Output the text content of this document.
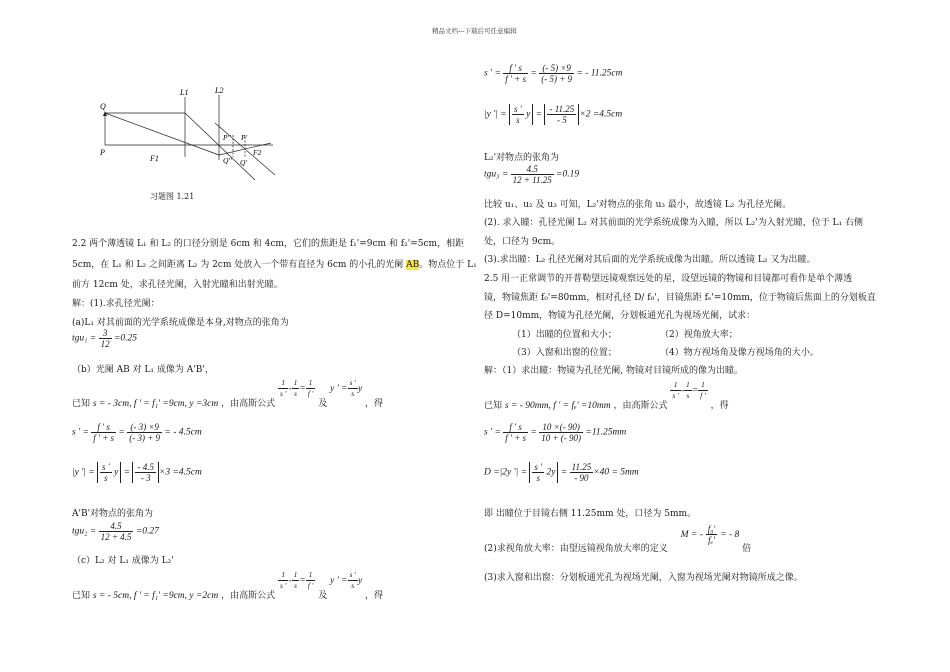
精品文档---下载后可任意编辑
Q
P
L1	L2
F1
P'' P'
F2
Q'' Q'
习题图 1.21
2.2 两个薄透镜 L₁ 和 L₂ 的口径分别是 6cm 和 4cm，它们的焦距是 f₁'=9cm 和 f₂'=5cm，相距
5cm，在 L₁ 和 L₂ 之间距离 L₂ 为 2cm 处放入一个带有直径为 6cm 的小孔的光阑 AB。物点位于 L₁
前方 12cm 处，求孔径光阑，入射光瞳和出射光瞳。
解：(1).求孔径光阑：
(a)L₁ 对其前面的光学系统成像是本身,对物点的张角为
$tgu_1 = \frac{3}{12} =0.25$
（b）光阑 AB 对 L₁ 成像为 A'B'，
已知 s = - 3cm, f ' = f₁' =9cm, y =3cm ，由高斯公式
$\frac{1}{s '} - \frac{1}{s} = \frac{1}{f '}$
及 y ' = $\frac{s '}{s}$ y ，得
s ' = $\frac{f ' s}{f ' + s} = \frac{(- 3) \times 9}{(- 3) + 9}$ = - 4.5cm
|y '| = $\frac{s '}{s}$ $y = \frac{- 4.5}{- 3} \times 3 =4.5cm$
A'B'对物点的张角为
$tgu_2 = \frac{4.5}{12 + 4.5} =0.27$
（c）L₂ 对 L₁ 成像为 L₂'
已知 s = - 5cm, f ' = f₁' =9cm, y =2cm ，由高斯公式
$\frac{1}{s '} - \frac{1}{s} = \frac{1}{f '}$
及 y ' = $\frac{s '}{s}$ y ，得
s ' = $\frac{f ' s}{f ' + s} = \frac{(- 5) \times 9}{(- 5) + 9}$ = - 11.25cm
|y '| = $\frac{s '}{s}$ $y = \frac{- 11.25}{- 5} \times 2 =4.5cm$
L₂'对物点的张角为
$tgu_3 = \frac{4.5}{12 + 11.25} =0.19$
比较 u₁、u₂ 及 u₃ 可知，L₂'对物点的张角 u₃ 最小，故透镜 L₂ 为孔径光阑。
(2). 求入瞳：孔径光阑 L₂ 对其前面的光学系统成像为入瞳，所以 L₂'为入射光瞳，位于 L₁ 右侧
处，口径为 9cm。
(3).求出瞳：L₂ 孔径光阑对其后面的光学系统成像为出瞳。所以透镜 L₂ 又为出瞳。
2.5 用一正常调节的开普勒望远镜观察远处的星，设望远镜的物镜和目镜都可看作是单个薄透
镜，物镜焦距 f₀'=80mm，相对孔径 D/ f₀'，目镜焦距 fₑ'=10mm，位于物镜后焦面上的分划板直
径 D=10mm，物镜为孔径光阑，分划板通光孔为视场光阑，试求：
（1）出瞳的位置和大小；	（2）视角放大率；
（3）入窗和出窗的位置；	（4）物方视场角及像方视场角的大小。
解：（1）求出瞳：物镜为孔径光阑, 物镜对目镜所成的像为出瞳。
已知 s = - 90mm, f ' = fₑ' =10mm ，由高斯公式
$\frac{1}{s '} - \frac{1}{s} = \frac{1}{f '}$
，得
s ' = $\frac{f ' s}{f ' + s} = \frac{10 \times(- 90)}{10 + (- 90)} =11.25mm$
D =|2y '| = $\frac{s '}{s} 2y = \frac{11.25}{- 90} \times 40 = 5mm$
即 出瞳位于目镜右侧 11.25mm 处，口径为 5mm。
(2)求视角放大率：由望远镜视角放大率的定义 M = - $\frac{\text{f₀'}}{\text{fₑ'}}$ = - 8 倍
(3)求入窗和出窗：分划板通光孔为视场光阑，入窗为视场光阑对物镜所成之像。
